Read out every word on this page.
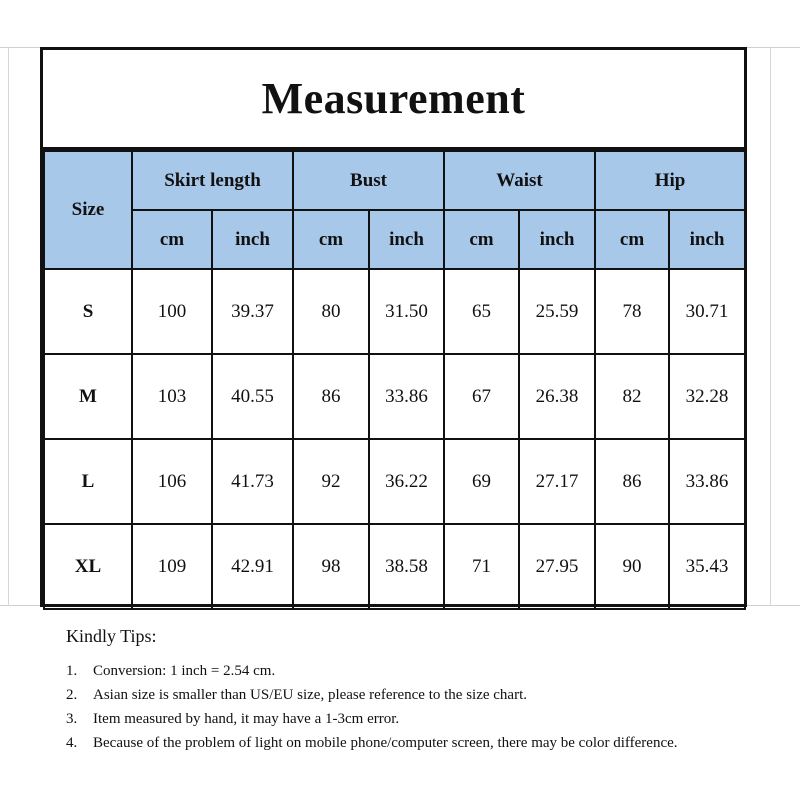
Measurement
Size	Skirt length		Bust		Waist		Hip	
	cm	inch	cm	inch	cm	inch	cm	inch
S	100	39.37	80	31.50	65	25.59	78	30.71
M	103	40.55	86	33.86	67	26.38	82	32.28
L	106	41.73	92	36.22	69	27.17	86	33.86
XL	109	42.91	98	38.58	71	27.95	90	35.43
Kindly Tips:
1.	Conversion: 1 inch = 2.54 cm.
2.	Asian size is smaller than US/EU size, please reference to the size chart.
3.	Item measured by hand, it may have a 1-3cm error.
4.	Because of the problem of light on mobile phone/computer screen, there may be color difference.
